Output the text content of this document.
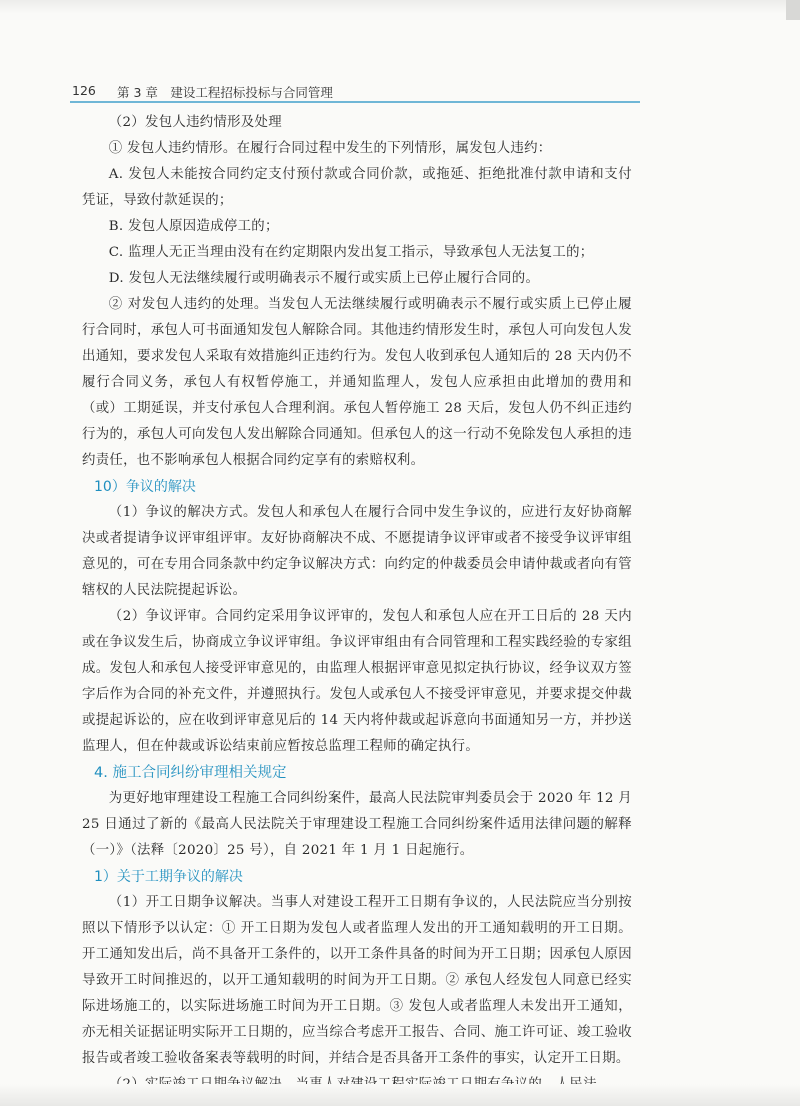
126 第 3 章　建设工程招标投标与合同管理

（2）发包人违约情形及处理

① 发包人违约情形。在履行合同过程中发生的下列情形，属发包人违约：

A. 发包人未能按合同约定支付预付款或合同价款，或拖延、拒绝批准付款申请和支付凭证，导致付款延误的；

B. 发包人原因造成停工的；

C. 监理人无正当理由没有在约定期限内发出复工指示，导致承包人无法复工的；

D. 发包人无法继续履行或明确表示不履行或实质上已停止履行合同的。

② 对发包人违约的处理。当发包人无法继续履行或明确表示不履行或实质上已停止履行合同时，承包人可书面通知发包人解除合同。其他违约情形发生时，承包人可向发包人发出通知，要求发包人采取有效措施纠正违约行为。发包人收到承包人通知后的 28 天内仍不履行合同义务，承包人有权暂停施工，并通知监理人，发包人应承担由此增加的费用和（或）工期延误，并支付承包人合理利润。承包人暂停施工 28 天后，发包人仍不纠正违约行为的，承包人可向发包人发出解除合同通知。但承包人的这一行动不免除发包人承担的违约责任，也不影响承包人根据合同约定享有的索赔权利。

10）争议的解决

（1）争议的解决方式。发包人和承包人在履行合同中发生争议的，应进行友好协商解决或者提请争议评审组评审。友好协商解决不成、不愿提请争议评审或者不接受争议评审组意见的，可在专用合同条款中约定争议解决方式：向约定的仲裁委员会申请仲裁或者向有管辖权的人民法院提起诉讼。

（2）争议评审。合同约定采用争议评审的，发包人和承包人应在开工日后的 28 天内或在争议发生后，协商成立争议评审组。争议评审组由有合同管理和工程实践经验的专家组成。发包人和承包人接受评审意见的，由监理人根据评审意见拟定执行协议，经争议双方签字后作为合同的补充文件，并遵照执行。发包人或承包人不接受评审意见，并要求提交仲裁或提起诉讼的，应在收到评审意见后的 14 天内将仲裁或起诉意向书面通知另一方，并抄送监理人，但在仲裁或诉讼结束前应暂按总监理工程师的确定执行。

4. 施工合同纠纷审理相关规定

为更好地审理建设工程施工合同纠纷案件，最高人民法院审判委员会于 2020 年 12 月 25 日通过了新的《最高人民法院关于审理建设工程施工合同纠纷案件适用法律问题的解释（一）》（法释〔2020〕25 号），自 2021 年 1 月 1 日起施行。

1）关于工期争议的解决

（1）开工日期争议解决。当事人对建设工程开工日期有争议的，人民法院应当分别按照以下情形予以认定：① 开工日期为发包人或者监理人发出的开工通知载明的开工日期。开工通知发出后，尚不具备开工条件的，以开工条件具备的时间为开工日期；因承包人原因导致开工时间推迟的，以开工通知载明的时间为开工日期。② 承包人经发包人同意已经实际进场施工的，以实际进场施工时间为开工日期。③ 发包人或者监理人未发出开工通知，亦无相关证据证明实际开工日期的，应当综合考虑开工报告、合同、施工许可证、竣工验收报告或者竣工验收备案表等载明的时间，并结合是否具备开工条件的事实，认定开工日期。
